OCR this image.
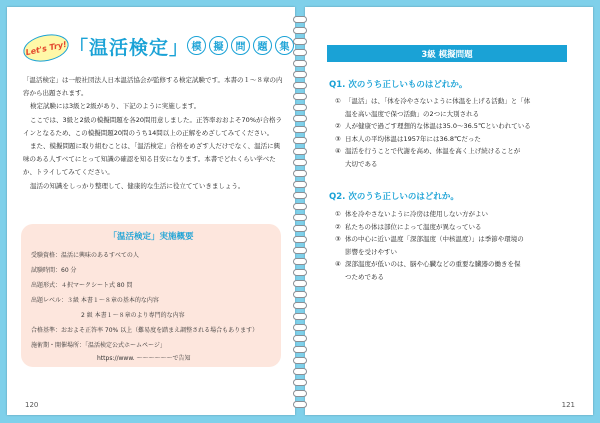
Let's Try! 「温活検定」 模	擬	問	題	集

「温活検定」は一般社団法人日本温活協会が監修する検定試験です。本書の１～８章の内容から出題されます。

検定試験には3級と2級があり、下記のように実施します。

ここでは、3級と2級の模擬問題を各20問用意しました。正答率おおよそ70%が合格ラインとなるため、この模擬問題20問のうち14問以上の正解をめざしてみてください。

また、模擬問題に取り組むことは、「温活検定」合格をめざす人だけでなく、温活に興味のある人すべてにとって知識の確認を知る目安になります。本書でどれくらい学べたか、トライしてみてください。

温活の知識をしっかり整理して、健康的な生活に役立てていきましょう。

「温活検定」実施概要
受験資格：温活に興味のあるすべての人
試験時間：60 分
出題形式：４択マークシート式 80 問
出題レベル：３級 本書１～８章の基本的な内容
2 級 本書１～８章のより専門的な内容
合格基準：おおよそ正答率 70% 以上（難易度を踏まえ調整される場合もあります）
施術期・開催場所：「温活検定公式ホームページ」
https://www. ～～～～～～で告知
120
3級 模擬問題
Q1. 次のうち正しいものはどれか。
① 「温活」は、「体を冷やさないように体温を上げる活動」と「体
温を高い温度で保つ活動」の2つに大別される
② 人が健康で過ごす理想的な体温は35.0～36.5℃といわれている
③ 日本人の平均体温は1957年には36.8℃だった
④ 温活を行うことで代謝を高め、体温を高く上げ続けることが
大切である
Q2. 次のうち正しいのはどれか。
① 体を冷やさないように冷房は使用しない方がよい
② 私たちの体は部位によって温度が異なっている
③ 体の中心に近い温度「深部温度（中核温度）」は季節や環境の
影響を受けやすい
④ 深部温度が低いのは、脳や心臓などの重要な臓器の働きを保
つためである
121
